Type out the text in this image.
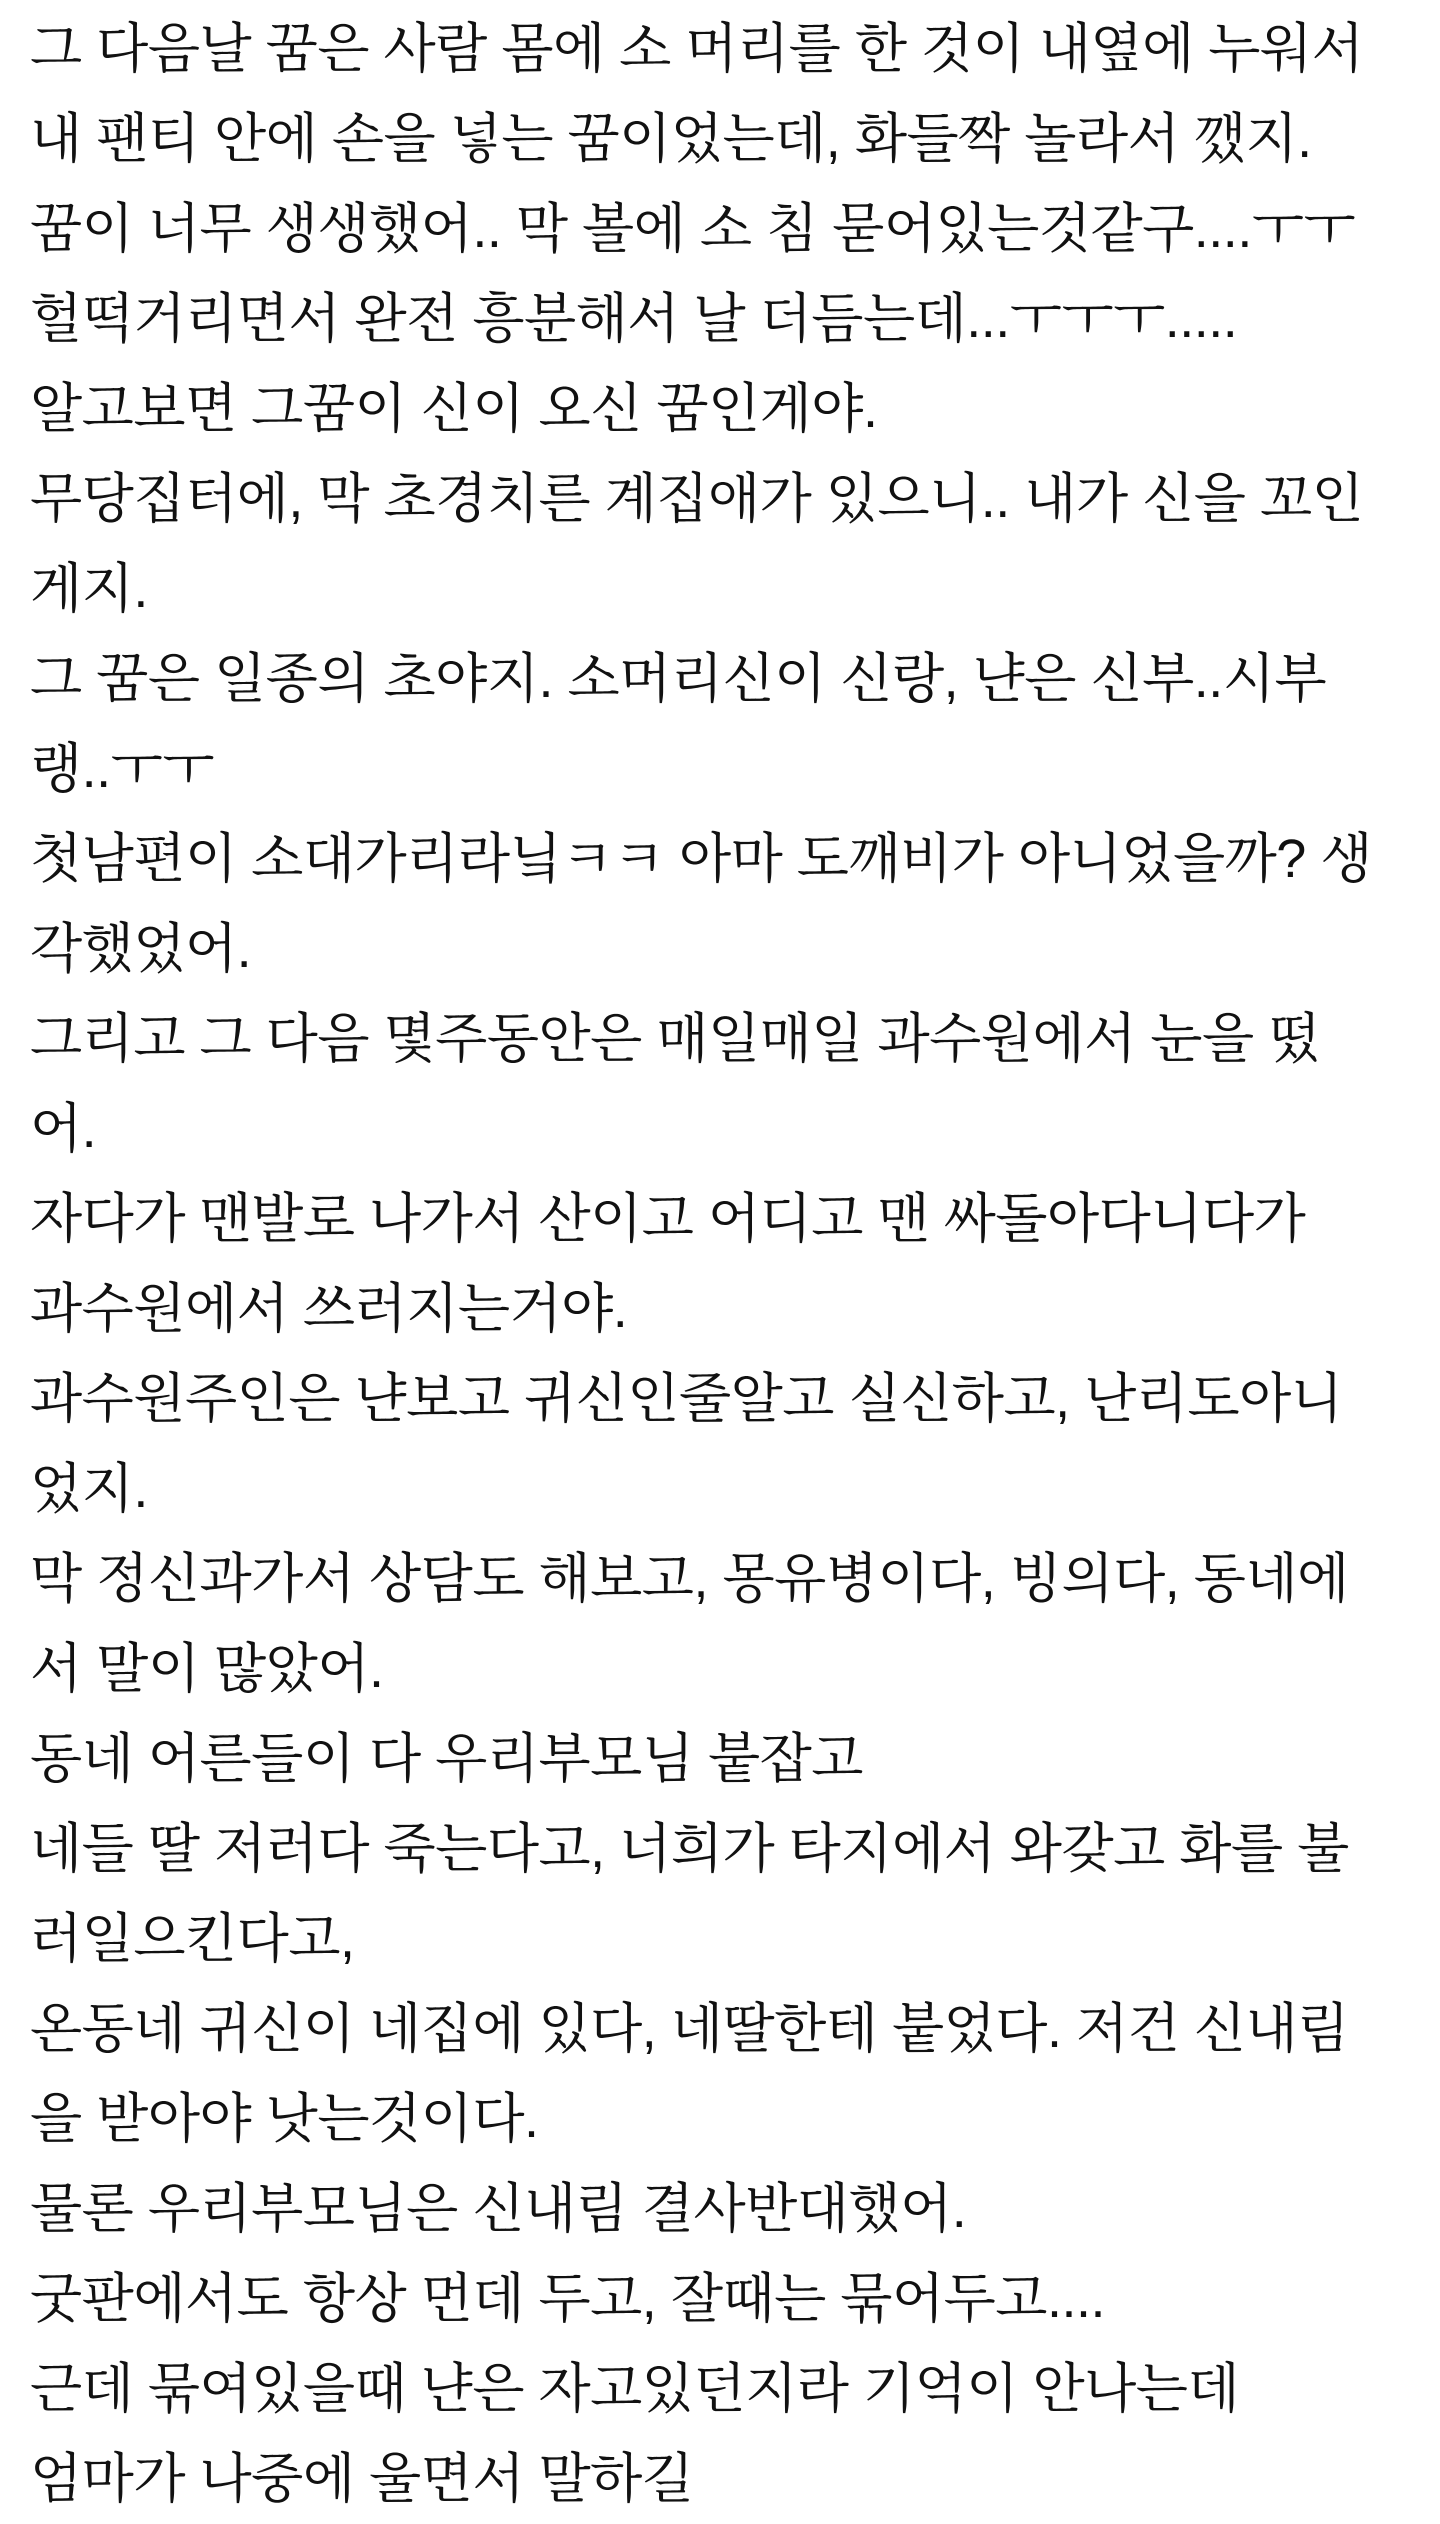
그 다음날 꿈은 사람 몸에 소 머리를 한 것이 내옆에 누워서

내 팬티 안에 손을 넣는 꿈이었는데, 화들짝 놀라서 깼지.

꿈이 너무 생생했어.. 막 볼에 소 침 묻어있는것같구....ㅜㅜ

헐떡거리면서 완전 흥분해서 날 더듬는데...ㅜㅜㅜ.....

알고보면 그꿈이 신이 오신 꿈인게야.

무당집터에, 막 초경치른 계집애가 있으니.. 내가 신을 꼬인

게지.

그 꿈은 일종의 초야지. 소머리신이 신랑, 냔은 신부..시부

랭..ㅜㅜ

첫남편이 소대가리라닠ㅋㅋ 아마 도깨비가 아니었을까? 생

각했었어.

그리고 그 다음 몇주동안은 매일매일 과수원에서 눈을 떴

어.

자다가 맨발로 나가서 산이고 어디고 맨 싸돌아다니다가

과수원에서 쓰러지는거야.

과수원주인은 냔보고 귀신인줄알고 실신하고, 난리도아니

었지.

막 정신과가서 상담도 해보고, 몽유병이다, 빙의다, 동네에

서 말이 많았어.

동네 어른들이 다 우리부모님 붙잡고

네들 딸 저러다 죽는다고, 너희가 타지에서 와갖고 화를 불

러일으킨다고,

온동네 귀신이 네집에 있다, 네딸한테 붙었다. 저건 신내림

을 받아야 낫는것이다.

물론 우리부모님은 신내림 결사반대했어.

굿판에서도 항상 먼데 두고, 잘때는 묶어두고....

근데 묶여있을때 냔은 자고있던지라 기억이 안나는데

엄마가 나중에 울면서 말하길
